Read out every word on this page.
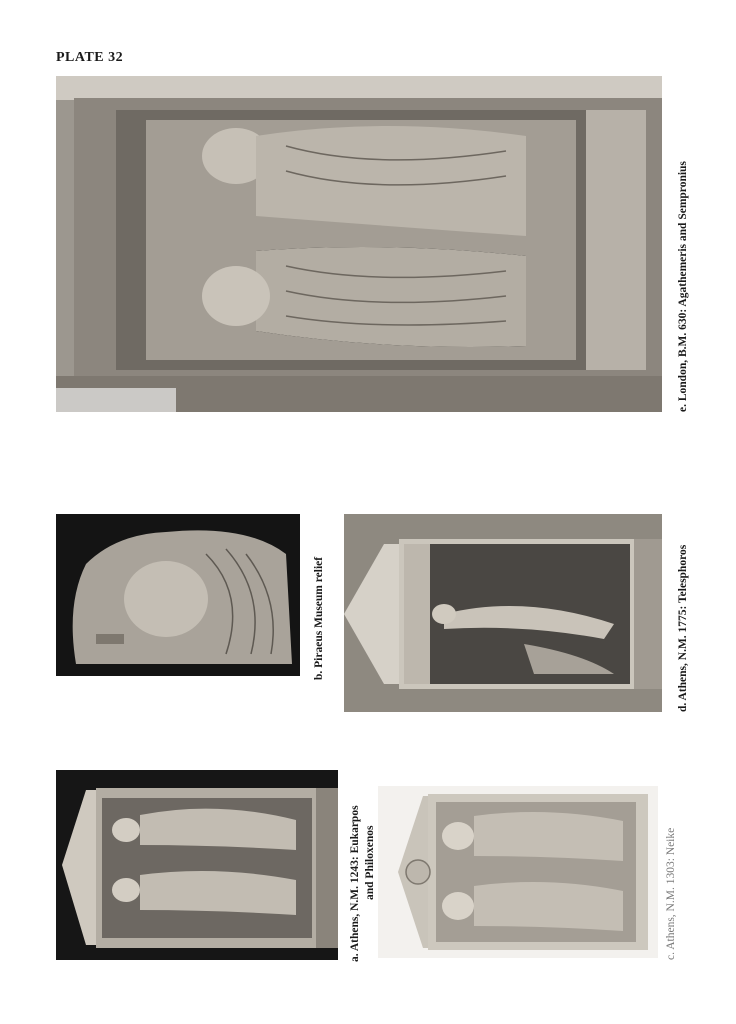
PLATE 32
e. London, B.M. 630: Agathemeris and Sempronius
b. Piraeus Museum relief	d. Athens, N.M. 1775: Telesphoros
a. Athens, N.M. 1243: Eukarpos and Philoxenos	c. Athens, N.M. 1303: Neike
